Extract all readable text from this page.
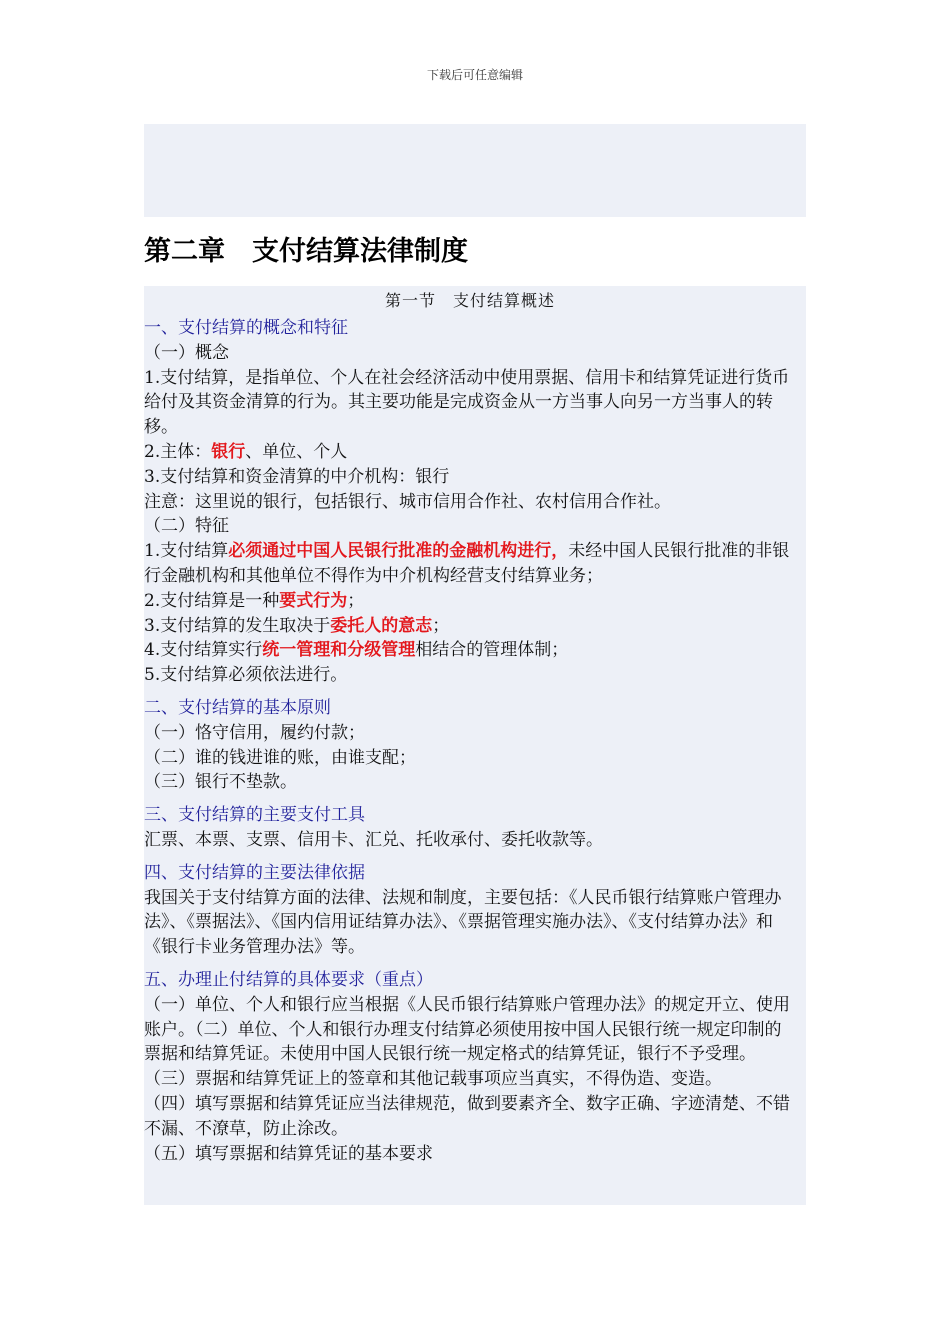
下载后可任意编辑
第二章　支付结算法律制度
第一节　支付结算概述
一、支付结算的概念和特征

（一）概念

1.支付结算，是指单位、个人在社会经济活动中使用票据、信用卡和结算凭证进行货币给付及其资金清算的行为。其主要功能是完成资金从一方当事人向另一方当事人的转移。

2.主体：银行、单位、个人

3.支付结算和资金清算的中介机构：银行

注意：这里说的银行，包括银行、城市信用合作社、农村信用合作社。

（二）特征

1.支付结算必须通过中国人民银行批准的金融机构进行，未经中国人民银行批准的非银行金融机构和其他单位不得作为中介机构经营支付结算业务；

2.支付结算是一种要式行为；

3.支付结算的发生取决于委托人的意志；

4.支付结算实行统一管理和分级管理相结合的管理体制；

5.支付结算必须依法进行。

二、支付结算的基本原则

（一）恪守信用，履约付款；

（二）谁的钱进谁的账，由谁支配；

（三）银行不垫款。

三、支付结算的主要支付工具

汇票、本票、支票、信用卡、汇兑、托收承付、委托收款等。

四、支付结算的主要法律依据

我国关于支付结算方面的法律、法规和制度，主要包括：《人民币银行结算账户管理办法》、《票据法》、《国内信用证结算办法》、《票据管理实施办法》、《支付结算办法》和《银行卡业务管理办法》等。

五、办理止付结算的具体要求（重点）

（一）单位、个人和银行应当根据《人民币银行结算账户管理办法》的规定开立、使用账户。（二）单位、个人和银行办理支付结算必须使用按中国人民银行统一规定印制的票据和结算凭证。未使用中国人民银行统一规定格式的结算凭证，银行不予受理。

（三）票据和结算凭证上的签章和其他记载事项应当真实，不得伪造、变造。

（四）填写票据和结算凭证应当法律规范，做到要素齐全、数字正确、字迹清楚、不错不漏、不潦草，防止涂改。

（五）填写票据和结算凭证的基本要求
